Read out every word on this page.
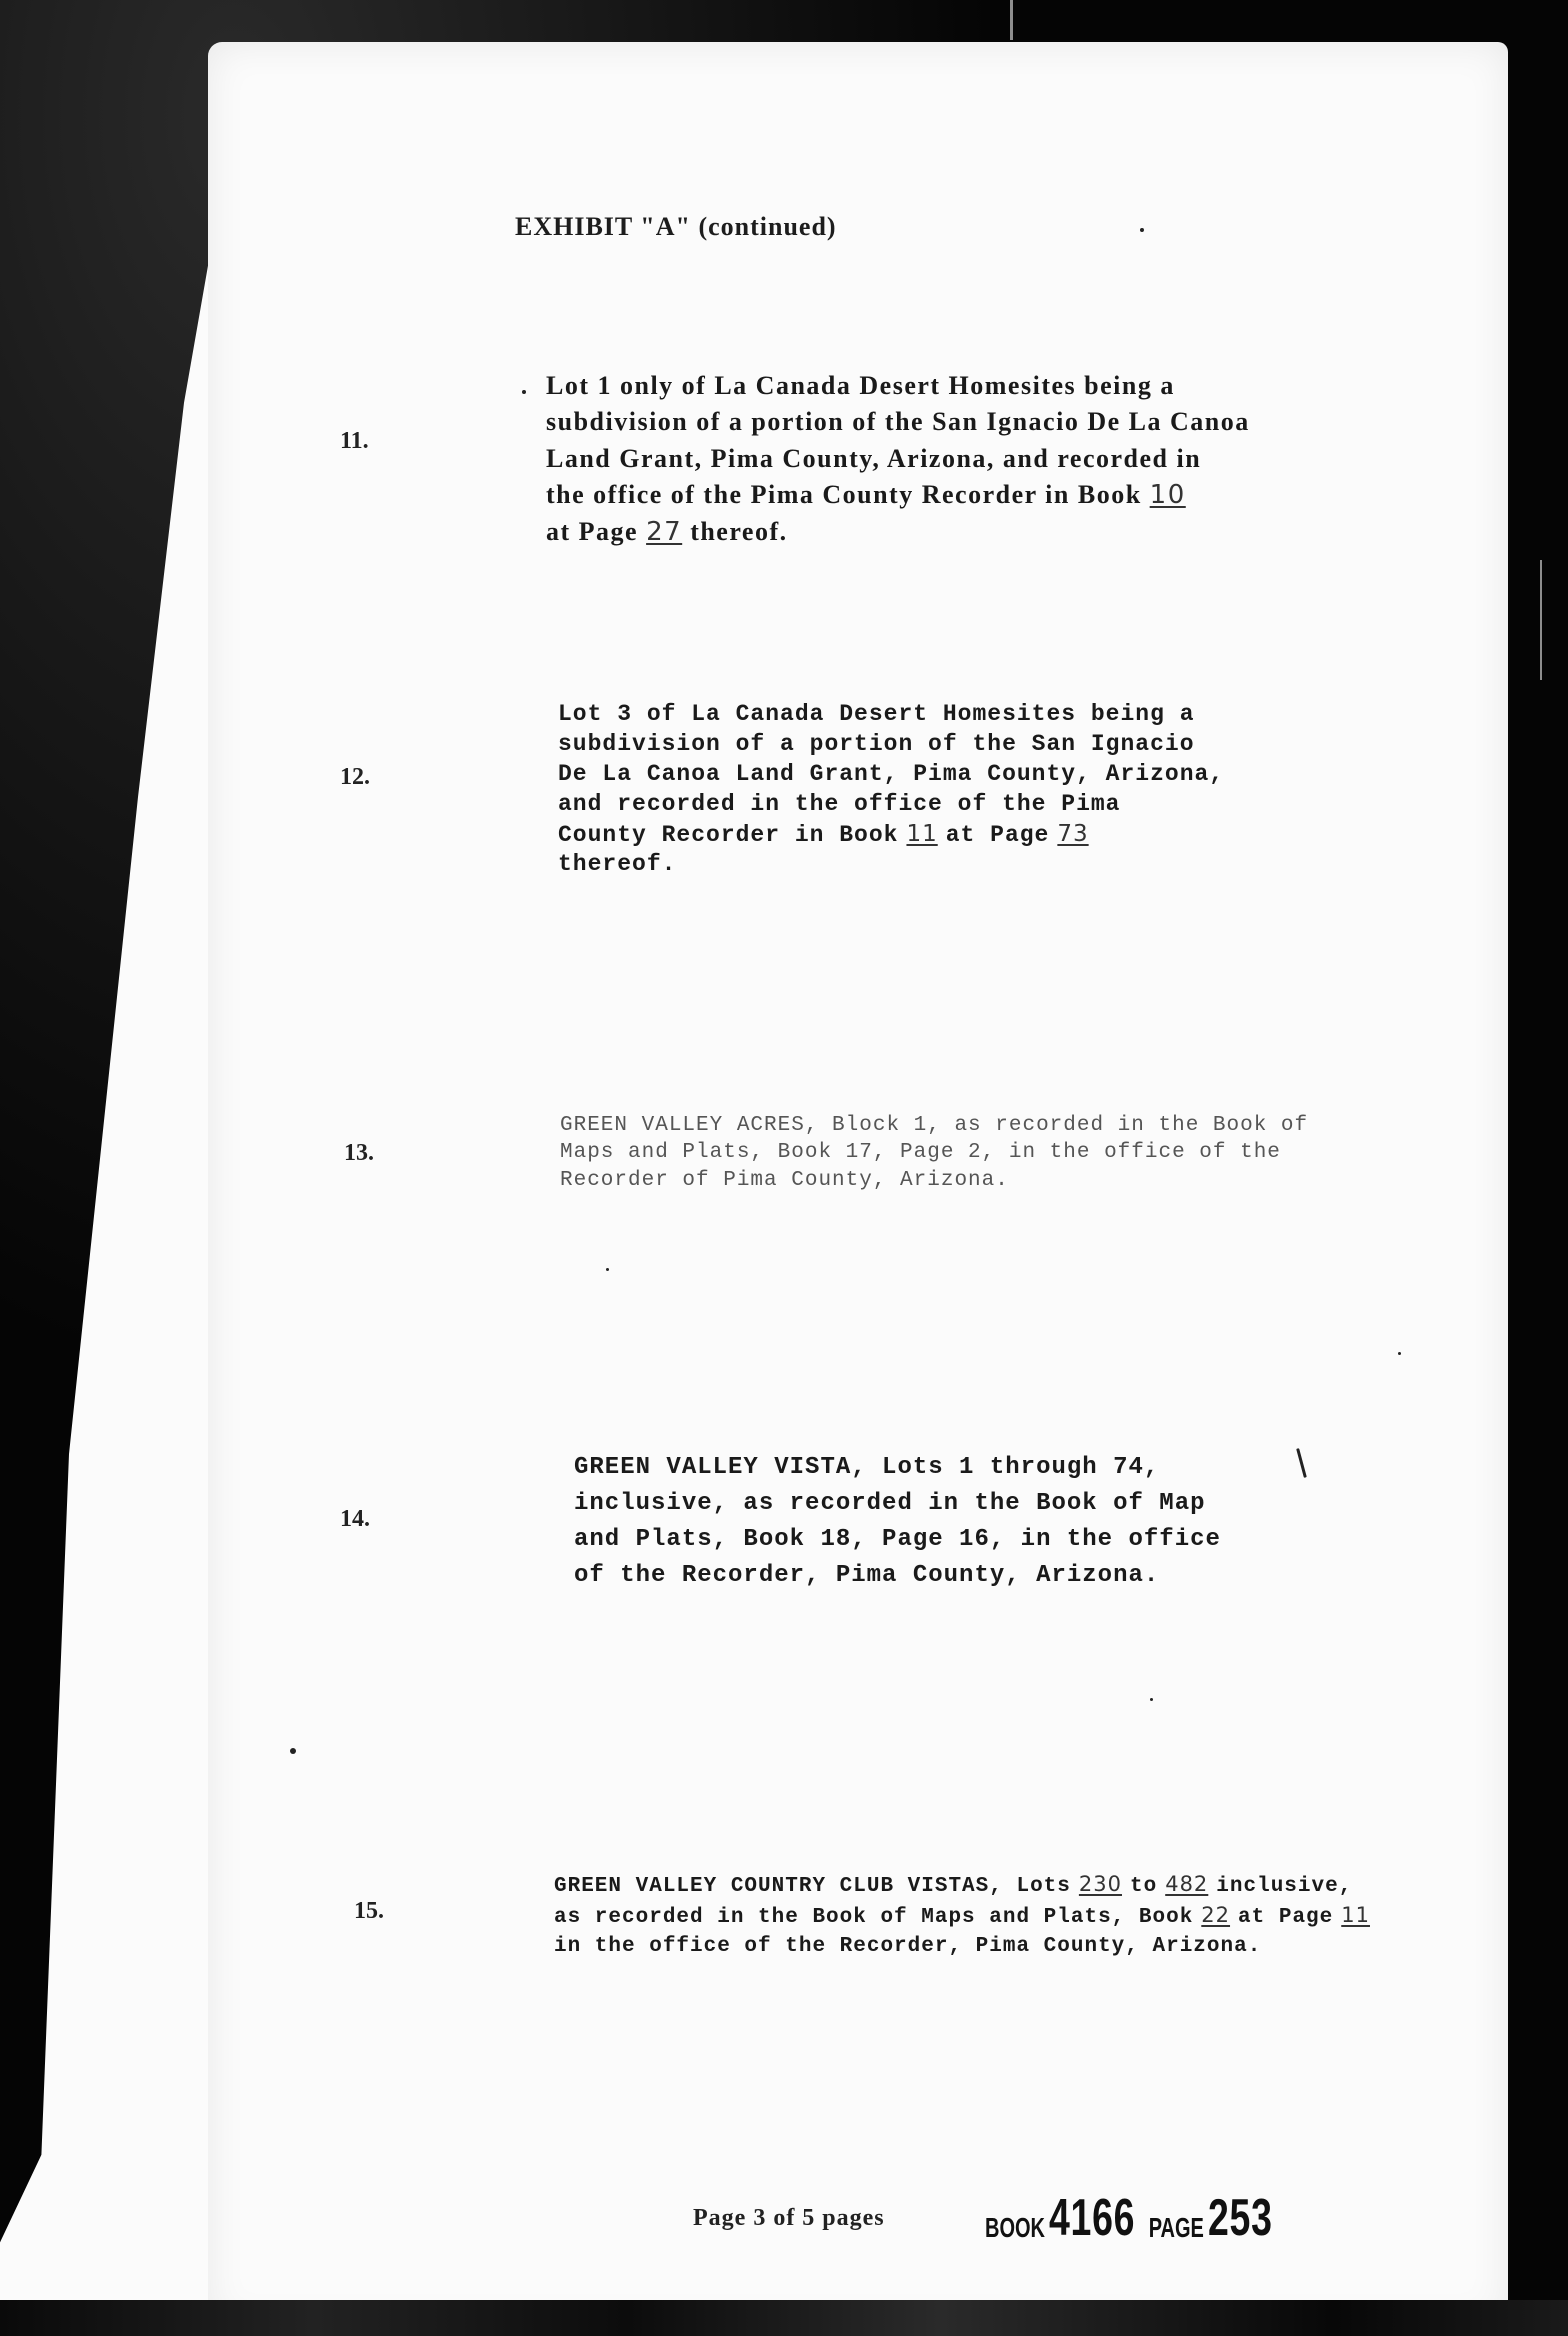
EXHIBIT "A" (continued)
11.
Lot 1 only of La Canada Desert Homesites being a
subdivision of a portion of the San Ignacio De La Canoa
Land Grant, Pima County, Arizona, and recorded in
the office of the Pima County Recorder in Book 10
at Page 27 thereof.
12.
Lot 3 of La Canada Desert Homesites being a
subdivision of a portion of the San Ignacio
De La Canoa Land Grant, Pima County, Arizona,
and recorded in the office of the Pima
County Recorder in Book 11 at Page 73
thereof.
13.
GREEN VALLEY ACRES, Block 1, as recorded in the Book of
Maps and Plats, Book 17, Page 2, in the office of the
Recorder of Pima County, Arizona.
14.
GREEN VALLEY VISTA, Lots 1 through 74,
inclusive, as recorded in the Book of Map
and Plats, Book 18, Page 16, in the office
of the Recorder, Pima County, Arizona.
15.
GREEN VALLEY COUNTRY CLUB VISTAS, Lots 230 to 482 inclusive,
as recorded in the Book of Maps and Plats, Book 22 at Page 11
in the office of the Recorder, Pima County, Arizona.
Page 3 of 5 pages	BOOK 4166 PAGE 253
